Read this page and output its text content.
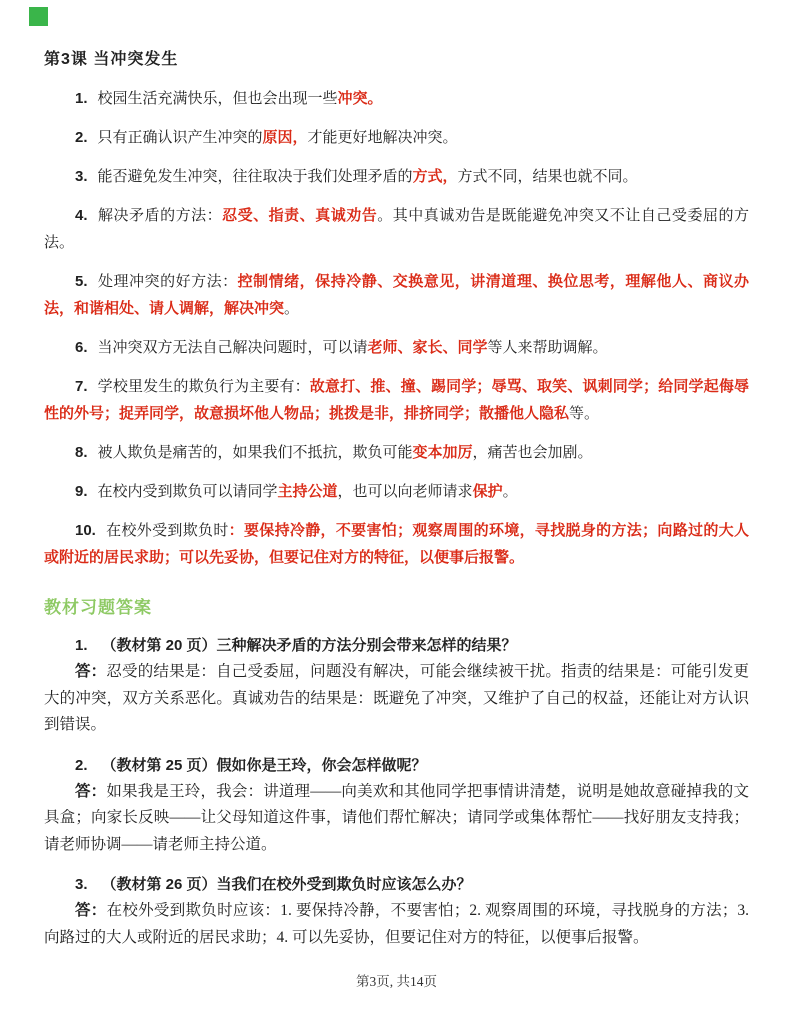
第3课 当冲突发生

1. 校园生活充满快乐，但也会出现一些冲突。

2. 只有正确认识产生冲突的原因，才能更好地解决冲突。

3. 能否避免发生冲突，往往取决于我们处理矛盾的方式，方式不同，结果也就不同。

4. 解决矛盾的方法：忍受、指责、真诚劝告。其中真诚劝告是既能避免冲突又不让自己受委屈的方法。

5. 处理冲突的好方法：控制情绪，保持冷静、交换意见，讲清道理、换位思考，理解他人、商议办法，和谐相处、请人调解，解决冲突。

6. 当冲突双方无法自己解决问题时，可以请老师、家长、同学等人来帮助调解。

7. 学校里发生的欺负行为主要有：故意打、推、撞、踢同学；辱骂、取笑、讽刺同学；给同学起侮辱性的外号；捉弄同学，故意损坏他人物品；挑拨是非，排挤同学；散播他人隐私等。

8. 被人欺负是痛苦的，如果我们不抵抗，欺负可能变本加厉，痛苦也会加剧。

9. 在校内受到欺负可以请同学主持公道，也可以向老师请求保护。

10. 在校外受到欺负时：要保持冷静，不要害怕；观察周围的环境，寻找脱身的方法；向路过的大人或附近的居民求助；可以先妥协，但要记住对方的特征，以便事后报警。

教材习题答案

1. （教材第 20 页）三种解决矛盾的方法分别会带来怎样的结果？

答：忍受的结果是：自己受委屈，问题没有解决，可能会继续被干扰。指责的结果是：可能引发更大的冲突，双方关系恶化。真诚劝告的结果是：既避免了冲突，又维护了自己的权益，还能让对方认识到错误。

2. （教材第 25 页）假如你是王玲，你会怎样做呢？

答：如果我是王玲，我会：讲道理——向美欢和其他同学把事情讲清楚，说明是她故意碰掉我的文具盒；向家长反映——让父母知道这件事，请他们帮忙解决；请同学或集体帮忙——找好朋友支持我；请老师协调——请老师主持公道。

3. （教材第 26 页）当我们在校外受到欺负时应该怎么办？

答：在校外受到欺负时应该：1. 要保持冷静，不要害怕；2. 观察周围的环境，寻找脱身的方法；3. 向路过的大人或附近的居民求助；4. 可以先妥协，但要记住对方的特征，以便事后报警。

第3页, 共14页
